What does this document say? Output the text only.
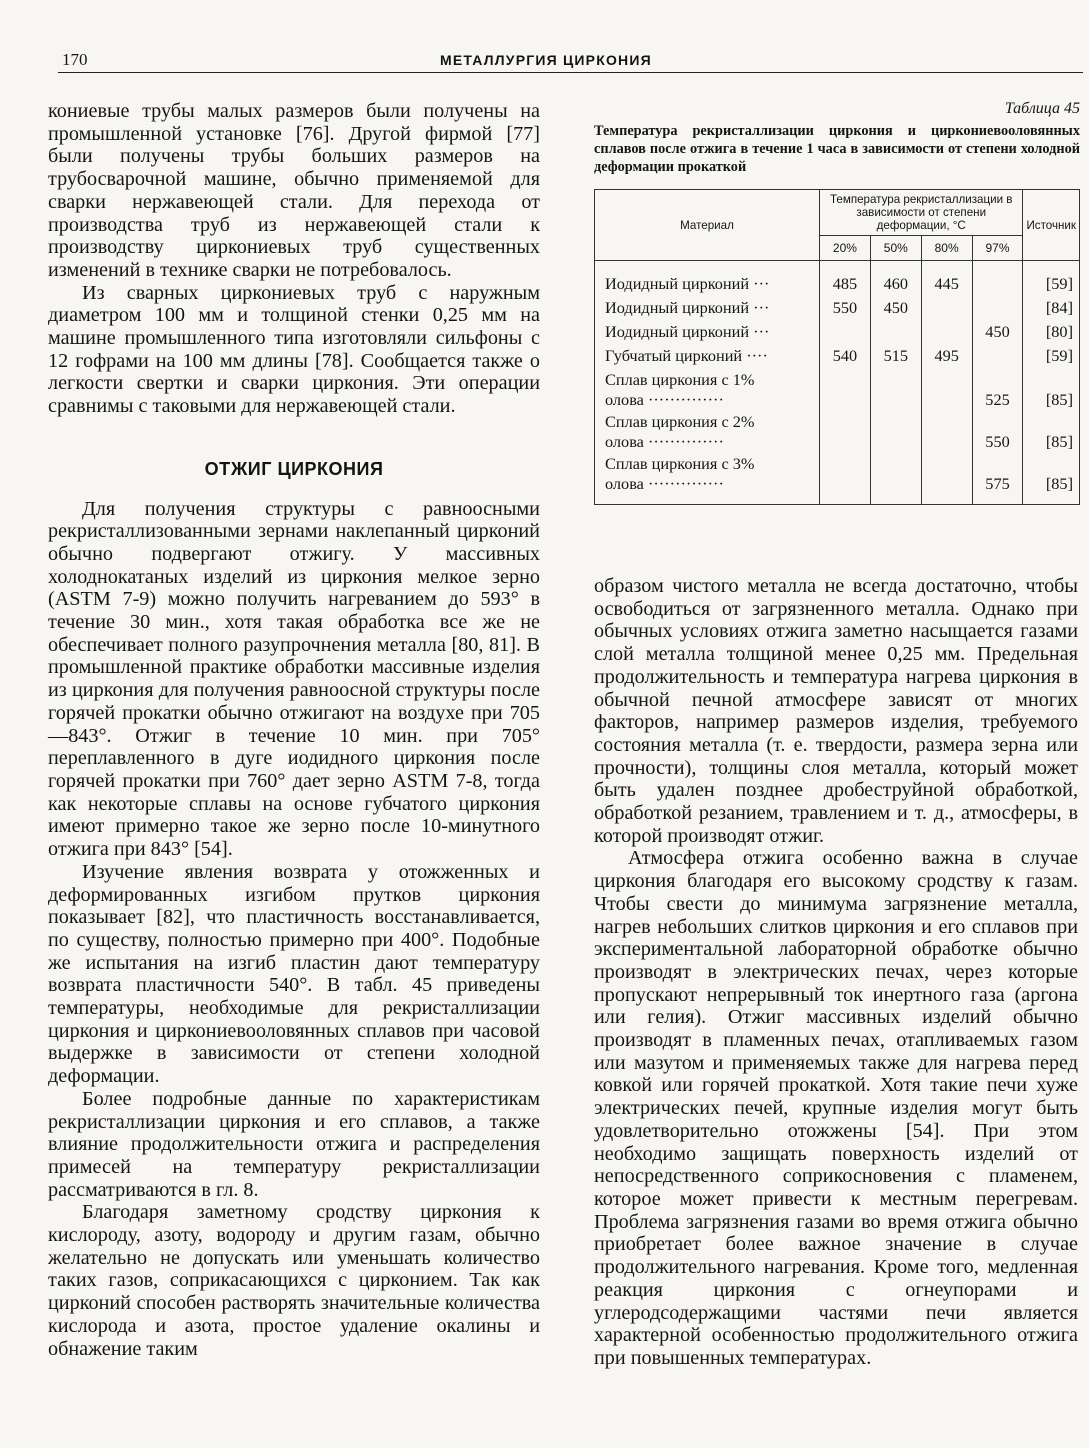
170	МЕТАЛЛУРГИЯ ЦИРКОНИЯ

кониевые трубы малых размеров были получены на промышленной установке [76]. Другой фирмой [77] были получены трубы больших размеров на трубосварочной машине, обычно применяемой для сварки нержавеющей стали. Для перехода от производства труб из нержавеющей стали к производству циркониевых труб существенных изменений в технике сварки не потребовалось.

Из сварных циркониевых труб с наружным диаметром 100 мм и толщиной стенки 0,25 мм на машине промышленного типа изготовляли сильфоны с 12 гофрами на 100 мм длины [78]. Сообщается также о легкости свертки и сварки циркония. Эти операции сравнимы с таковыми для нержавеющей стали.

ОТЖИГ ЦИРКОНИЯ

Для получения структуры с равноосными рекристаллизованными зернами наклепанный цирконий обычно подвергают отжигу. У массивных холоднокатаных изделий из циркония мелкое зерно (ASTM 7-9) можно получить нагреванием до 593° в течение 30 мин., хотя такая обработка все же не обеспечивает полного разупрочнения металла [80, 81]. В промышленной практике обработки массивные изделия из циркония для получения равноосной структуры после горячей прокатки обычно отжигают на воздухе при 705—843°. Отжиг в течение 10 мин. при 705° переплавленного в дуге иодидного циркония после горячей прокатки при 760° дает зерно ASTM 7-8, тогда как некоторые сплавы на основе губчатого циркония имеют примерно такое же зерно после 10-минутного отжига при 843° [54].

Изучение явления возврата у отожженных и деформированных изгибом прутков циркония показывает [82], что пластичность восстанавливается, по существу, полностью примерно при 400°. Подобные же испытания на изгиб пластин дают температуру возврата пластичности 540°. В табл. 45 приведены температуры, необходимые для рекристаллизации циркония и циркониевооловянных сплавов при часовой выдержке в зависимости от степени холодной деформации.

Более подробные данные по характеристикам рекристаллизации циркония и его сплавов, а также влияние продолжительности отжига и распределения примесей на температуру рекристаллизации рассматриваются в гл. 8.

Благодаря заметному сродству циркония к кислороду, азоту, водороду и другим газам, обычно желательно не допускать или уменьшать количество таких газов, соприкасающихся с цирконием. Так как цирконий способен растворять значительные количества кислорода и азота, простое удаление окалины и обнажение таким

Таблица 45
Температура рекристаллизации циркония и циркониевооловянных сплавов после отжига в течение 1 часа в зависимости от степени холодной деформации прокаткой
Материал	Температура рекристаллизации в зависимости от степени деформации, °С				Источник
	20%	50%	80%	97%	

Иодидный цирконий ···	485	460	445		[59]

Иодидный цирконий ···	550	450			[84]

Иодидный цирконий ···				450	[80]

Губчатый цирконий ····	540	515	495		[59]

Сплав циркония с 1%
олова ··············				525	[85]

Сплав циркония с 2%
олова ··············				550	[85]

Сплав циркония с 3%
олова ··············				575	[85]

образом чистого металла не всегда достаточно, чтобы освободиться от загрязненного металла. Однако при обычных условиях отжига заметно насыщается газами слой металла толщиной менее 0,25 мм. Предельная продолжительность и температура нагрева циркония в обычной печной атмосфере зависят от многих факторов, например размеров изделия, требуемого состояния металла (т. е. твердости, размера зерна или прочности), толщины слоя металла, который может быть удален позднее дробеструйной обработкой, обработкой резанием, травлением и т. д., атмосферы, в которой производят отжиг.

Атмосфера отжига особенно важна в случае циркония благодаря его высокому сродству к газам. Чтобы свести до минимума загрязнение металла, нагрев небольших слитков циркония и его сплавов при экспериментальной лабораторной обработке обычно производят в электрических печах, через которые пропускают непрерывный ток инертного газа (аргона или гелия). Отжиг массивных изделий обычно производят в пламенных печах, отапливаемых газом или мазутом и применяемых также для нагрева перед ковкой или горячей прокаткой. Хотя такие печи хуже электрических печей, крупные изделия могут быть удовлетворительно отожжены [54]. При этом необходимо защищать поверхность изделий от непосредственного соприкосновения с пламенем, которое может привести к местным перегревам. Проблема загрязнения газами во время отжига обычно приобретает более важное значение в случае продолжительного нагревания. Кроме того, медленная реакция циркония с огнеупорами и углеродсодержащими частями печи является характерной особенностью продолжительного отжига при повышенных температурах.
